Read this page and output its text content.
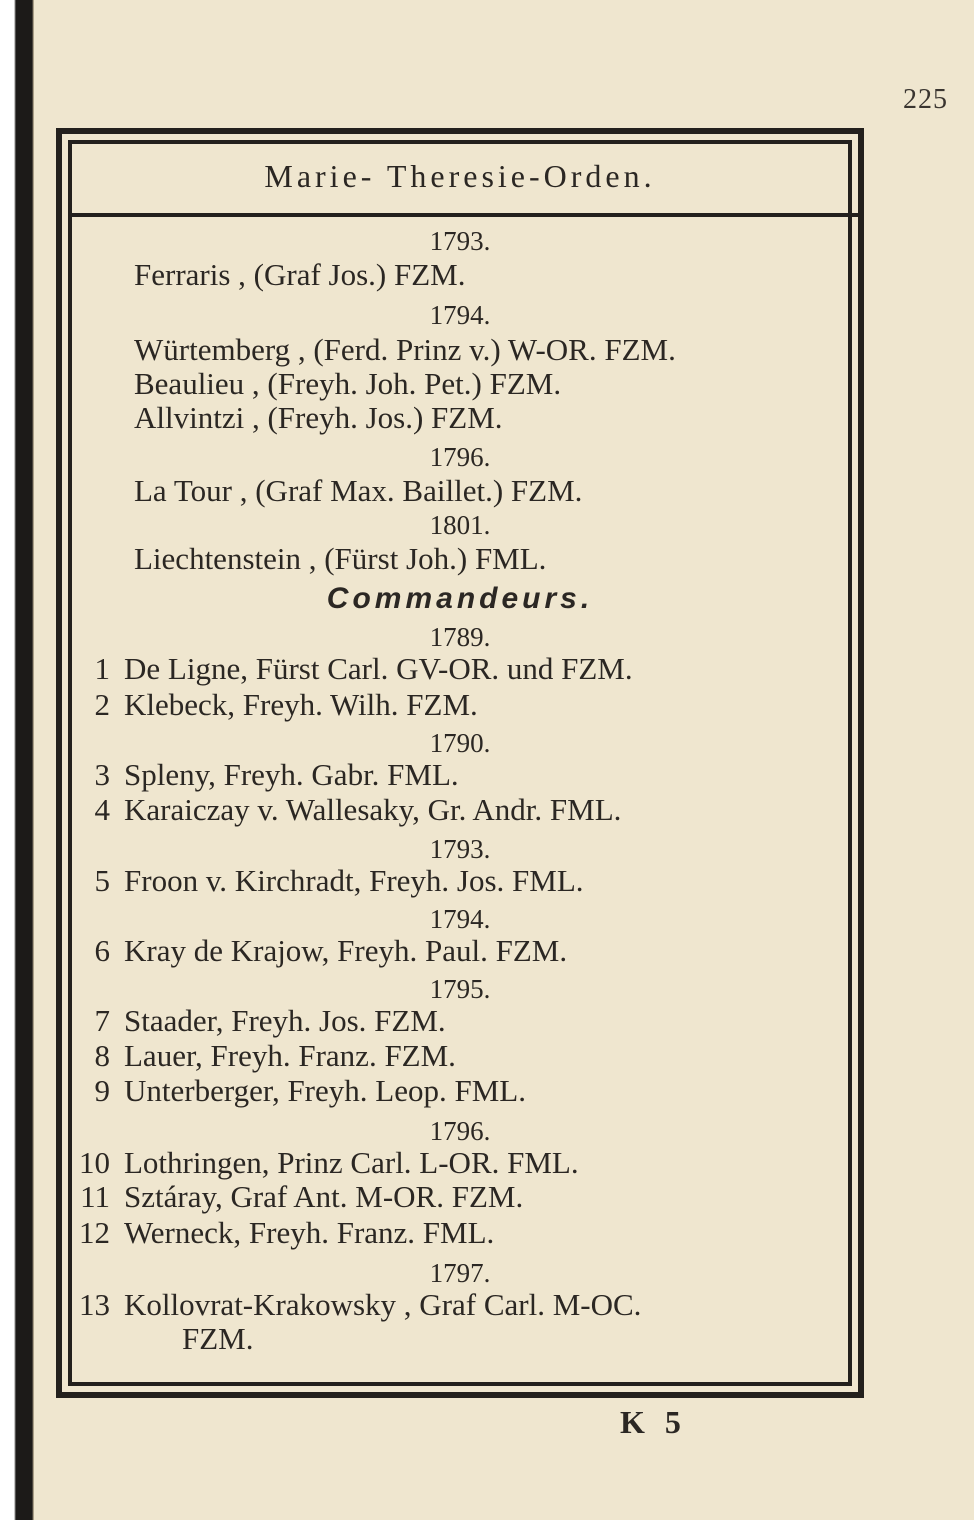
225
Marie- Theresie-Orden.
1793.
Ferraris , (Graf Jos.) FZM.
1794.
Würtemberg , (Ferd. Prinz v.) W-OR. FZM.
Beaulieu , (Freyh. Joh. Pet.) FZM.
Allvintzi , (Freyh. Jos.) FZM.
1796.
La Tour , (Graf Max. Baillet.) FZM.
1801.
Liechtenstein , (Fürst Joh.) FML.
Commandeurs.
1789.
1 De Ligne, Fürst Carl. GV-OR. und FZM.
2 Klebeck, Freyh. Wilh. FZM.
1790.
3 Spleny, Freyh. Gabr. FML.
4 Karaiczay v. Wallesaky, Gr. Andr. FML.
1793.
5 Froon v. Kirchradt, Freyh. Jos. FML.
1794.
6 Kray de Krajow, Freyh. Paul. FZM.
1795.
7 Staader, Freyh. Jos. FZM.
8 Lauer, Freyh. Franz. FZM.
9 Unterberger, Freyh. Leop. FML.
1796.
10 Lothringen, Prinz Carl. L-OR. FML.
11 Sztáray, Graf Ant. M-OR. FZM.
12 Werneck, Freyh. Franz. FML.
1797.
13 Kollovrat-Krakowsky , Graf Carl. M-OC.
FZM.
K 5
